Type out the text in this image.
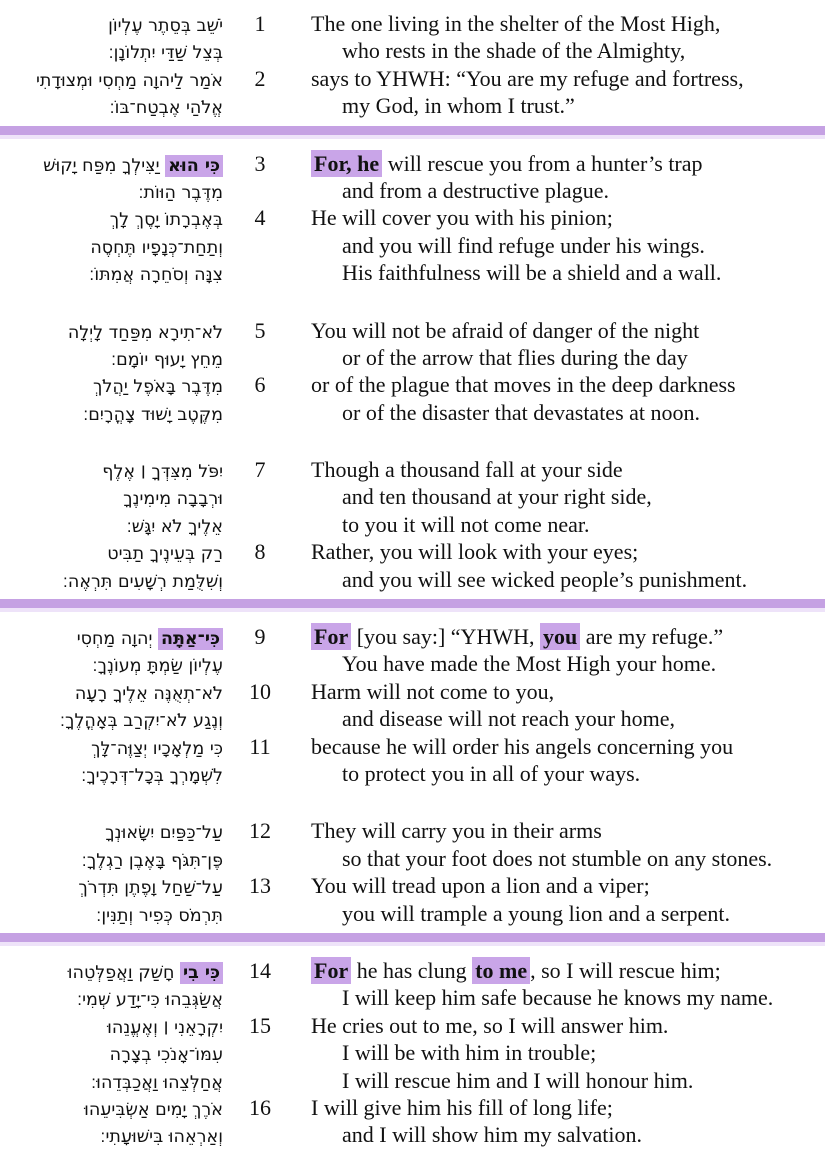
יֹשֵׁב בְּסֵתֶר עֶלְיוֹן	1	The one living in the shelter of the Most High,
בְּצֵל שַׁדַּי יִתְלוֹנָן׃	who rests in the shade of the Almighty,
אֹמַר לַיהוָה מַחְסִי וּמְצוּדָתִי	2	says to YHWH: “You are my refuge and fortress,
אֱלֹהַי אֶבְטַח־בּוֹ׃	my God, in whom I trust.”
כִּי הוּא יַצִּילְךָ מִפַּח יָקוּשׁ	3	For, he will rescue you from a hunter’s trap
מִדֶּבֶר הַוּוֹת׃	and from a destructive plague.
בְּאֶבְרָתוֹ יָסֶךְ לָךְ	4	He will cover you with his pinion;
וְתַחַת־כְּנָפָיו תֶּחְסֶה	and you will find refuge under his wings.
צִנָּה וְסֹחֵרָה אֲמִתּוֹ׃	His faithfulness will be a shield and a wall.
לֹא־תִירָא מִפַּחַד לָיְלָה	5	You will not be afraid of danger of the night
מֵחֵץ יָעוּף יוֹמָם׃	or of the arrow that flies during the day
מִדֶּבֶר בָּאֹפֶל יַהֲלֹךְ	6	or of the plague that moves in the deep darkness
מִקֶּטֶב יָשׁוּד צָהֳרָיִם׃	or of the disaster that devastates at noon.
יִפֹּל מִצִּדְּךָ ׀ אֶלֶף	7	Though a thousand fall at your side
וּרְבָבָה מִימִינֶךָ	and ten thousand at your right side,
אֵלֶיךָ לֹא יִגָּשׁ׃	to you it will not come near.
רַק בְּעֵינֶיךָ תַבִּיט	8	Rather, you will look with your eyes;
וְשִׁלֻּמַת רְשָׁעִים תִּרְאֶה׃	and you will see wicked people’s punishment.
כִּי־אַתָּה יְהוָה מַחְסִי	9	For [you say:] “YHWH, you are my refuge.”
עֶלְיוֹן שַׂמְתָּ מְעוֹנֶךָ׃	You have made the Most High your home.
לֹא־תְאֻנֶּה אֵלֶיךָ רָעָה	10	Harm will not come to you,
וְנֶגַע לֹא־יִקְרַב בְּאָהֳלֶךָ׃	and disease will not reach your home,
כִּי מַלְאָכָיו יְצַוֶּה־לָּךְ	11	because he will order his angels concerning you
לִשְׁמָרְךָ בְּכָל־דְּרָכֶיךָ׃	to protect you in all of your ways.
עַל־כַּפַּיִם יִשָּׂאוּנְךָ	12	They will carry you in their arms
פֶּן־תִּגֹּף בָּאֶבֶן רַגְלֶךָ׃	so that your foot does not stumble on any stones.
עַל־שַׁחַל וָפֶתֶן תִּדְרֹךְ	13	You will tread upon a lion and a viper;
תִּרְמֹס כְּפִיר וְתַנִּין׃	you will trample a young lion and a serpent.
כִּי בִי חָשַׁק וַאֲפַלְּטֵהוּ	14	For he has clung to me , so I will rescue him;
אֲשַׂגְּבֵהוּ כִּי־יָדַע שְׁמִי׃	I will keep him safe because he knows my name.
יִקְרָאֵנִי ׀ וְאֶעֱנֵהוּ	15	He cries out to me, so I will answer him.
עִמּוֹ־אָנֹכִי בְצָרָה	I will be with him in trouble;
אֲחַלְּצֵהוּ וַאֲכַבְּדֵהוּ׃	I will rescue him and I will honour him.
אֹרֶךְ יָמִים אַשְׂבִּיעֵהוּ	16	I will give him his fill of long life;
וְאַרְאֵהוּ בִּישׁוּעָתִי׃	and I will show him my salvation.
